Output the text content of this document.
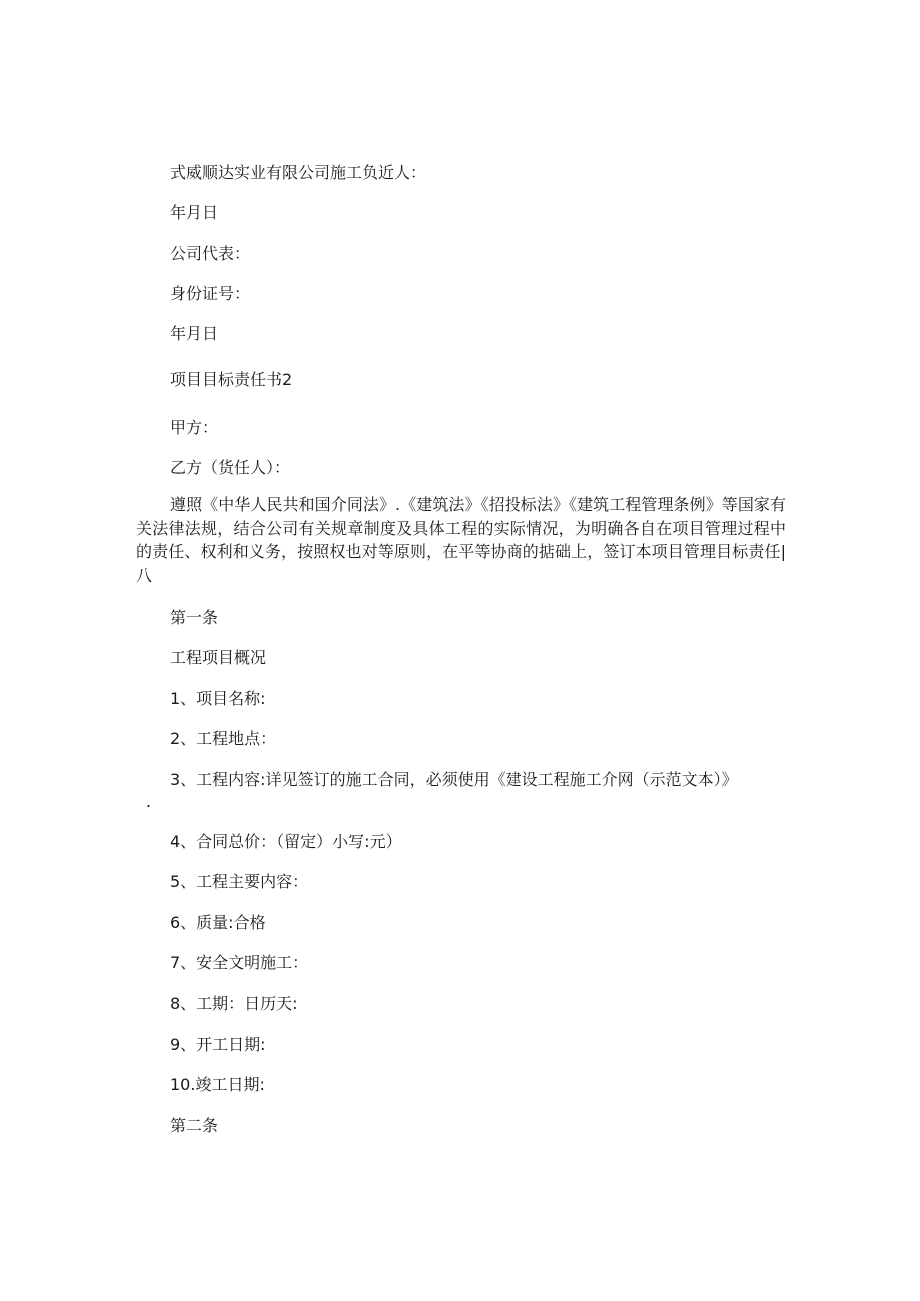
式威顺达实业有限公司施工负近人：
年月日
公司代表：
身份证号：
年月日
项目目标责任书2
甲方：
乙方（货任人）：
遵照《中华人民共和国介同法》.《建筑法》《招投标法》《建筑工程管理条例》等国家有关法律法规，结合公司有关规章制度及具体工程的实际情况，为明确各自在项目管理过程中的责任、权利和义务，按照权也对等原则，在平等协商的掂础上，签订本项目管理目标责任|八
第一条
工程项目概况
1、项目名称:
2、工程地点：
3、工程内容:详见签订的施工合同，必须使用《建设工程施工介网（示范文本）》
.
4、合同总价：（留定）小写:元）
5、工程主要内容：
6、质量:合格
7、安全文明施工：
8、工期：日历天:
9、开工日期:
10.竣工日期:
第二条
